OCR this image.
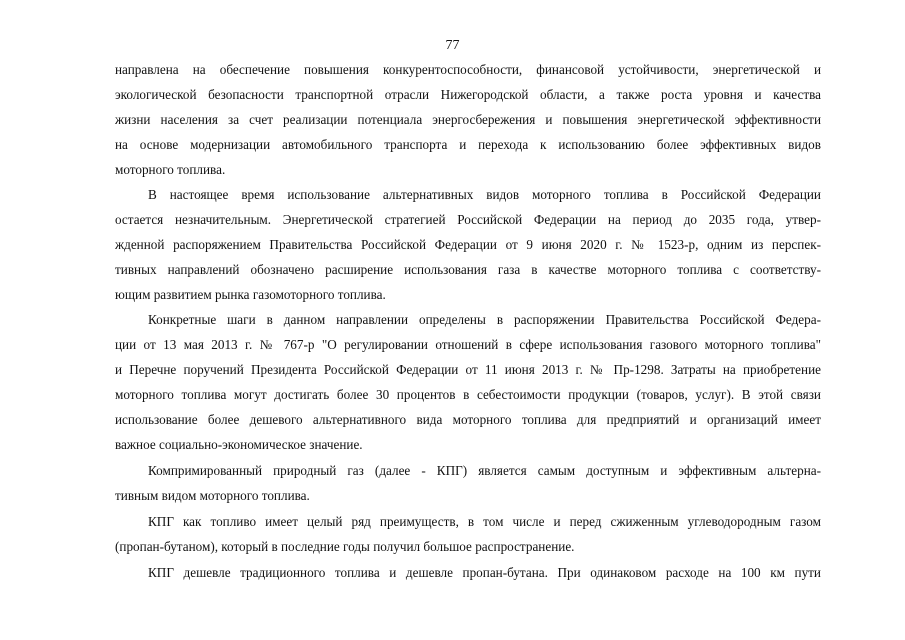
77
направлена на обеспечение повышения конкурентоспособности, финансовой устойчивости, энергетической и
экологической безопасности транспортной отрасли Нижегородской области, а также роста уровня и качества
жизни населения за счет реализации потенциала энергосбережения и повышения энергетической эффективности
на основе модернизации автомобильного транспорта и перехода к использованию более эффективных видов
моторного топлива.
В настоящее время использование альтернативных видов моторного топлива в Российской Федерации
остается незначительным. Энергетической стратегией Российской Федерации на период до 2035 года, утвер-
жденной распоряжением Правительства Российской Федерации от 9 июня 2020 г. № 1523-р, одним из перспек-
тивных направлений обозначено расширение использования газа в качестве моторного топлива с соответству-
ющим развитием рынка газомоторного топлива.
Конкретные шаги в данном направлении определены в распоряжении Правительства Российской Федера-
ции от 13 мая 2013 г. № 767-р "О регулировании отношений в сфере использования газового моторного топлива"
и Перечне поручений Президента Российской Федерации от 11 июня 2013 г. № Пр-1298. Затраты на приобретение
моторного топлива могут достигать более 30 процентов в себестоимости продукции (товаров, услуг). В этой связи
использование более дешевого альтернативного вида моторного топлива для предприятий и организаций имеет
важное социально-экономическое значение.
Компримированный природный газ (далее - КПГ) является самым доступным и эффективным альтерна-
тивным видом моторного топлива.
КПГ как топливо имеет целый ряд преимуществ, в том числе и перед сжиженным углеводородным газом
(пропан-бутаном), который в последние годы получил большое распространение.
КПГ дешевле традиционного топлива и дешевле пропан-бутана. При одинаковом расходе на 100 км пути
